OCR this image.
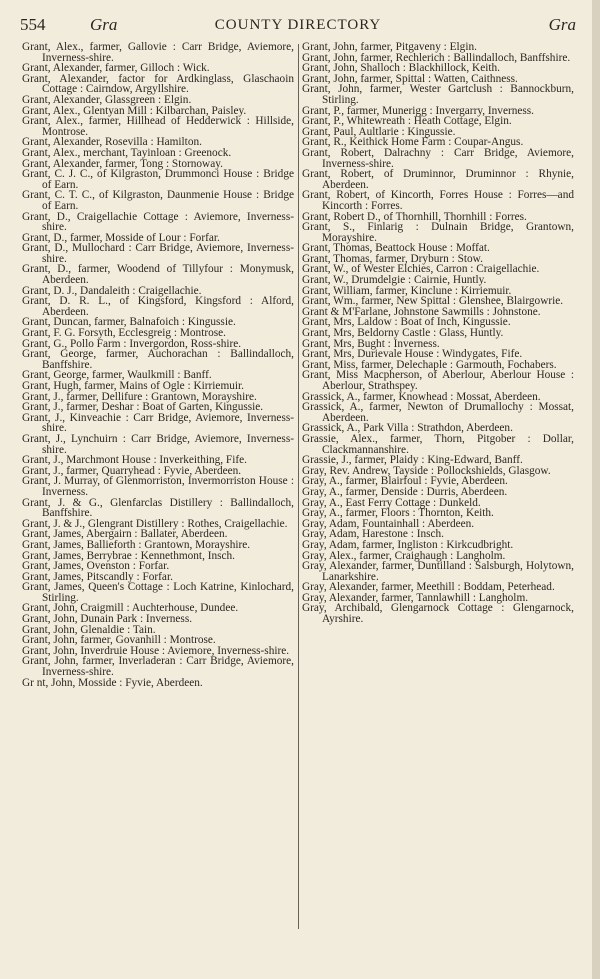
COUNTY DIRECTORY
554	Gra	Gra
Grant, Alex., farmer, Gallovie : Carr Bridge, Aviemore, Inverness-shire.
Grant, Alexander, farmer, Gilloch : Wick.
Grant, Alexander, factor for Ardkinglass, Glaschaoin Cottage : Cairndow, Argyllshire.
Grant, Alexander, Glassgreen : Elgin.
Grant, Alex., Glentyan Mill : Kilbarchan, Paisley.
Grant, Alex., farmer, Hillhead of Hedderwick : Hillside, Montrose.
Grant, Alexander, Rosevilla : Hamilton.
Grant, Alex., merchant, Tayinloan : Greenock.
Grant, Alexander, farmer, Tong : Stornoway.
Grant, C. J. C., of Kilgraston, Drummonci House : Bridge of Earn.
Grant, C. T. C., of Kilgraston, Daunmenie House : Bridge of Earn.
Grant, D., Craigellachie Cottage : Aviemore, Inverness-shire.
Grant, D., farmer, Mosside of Lour : Forfar.
Grant, D., Mullochard : Carr Bridge, Aviemore, Inverness-shire.
Grant, D., farmer, Woodend of Tillyfour : Monymusk, Aberdeen.
Grant, D. J., Dandaleith : Craigellachie.
Grant, D. R. L., of Kingsford, Kingsford : Alford, Aberdeen.
Grant, Duncan, farmer, Balnafoich : Kingussie.
Grant, F. G. Forsyth, Ecclesgreig : Montrose.
Grant, G., Pollo Farm : Invergordon, Ross-shire.
Grant, George, farmer, Auchorachan : Ballindalloch, Banffshire.
Grant, George, farmer, Waulkmill : Banff.
Grant, Hugh, farmer, Mains of Ogle : Kirriemuir.
Grant, J., farmer, Dellifure : Grantown, Morayshire.
Grant, J., farmer, Deshar : Boat of Garten, Kingussie.
Grant, J., Kinveachie : Carr Bridge, Aviemore, Inverness-shire.
Grant, J., Lynchuirn : Carr Bridge, Aviemore, Inverness-shire.
Grant, J., Marchmont House : Inverkeithing, Fife.
Grant, J., farmer, Quarryhead : Fyvie, Aberdeen.
Grant, J. Murray, of Glenmorriston, Invermorriston House : Inverness.
Grant, J. & G., Glenfarclas Distillery : Ballindalloch, Banffshire.
Grant, J. & J., Glengrant Distillery : Rothes, Craigellachie.
Grant, James, Abergairn : Ballater, Aberdeen.
Grant, James, Ballieforth : Grantown, Morayshire.
Grant, James, Berrybrae : Kennethmont, Insch.
Grant, James, Ovenston : Forfar.
Grant, James, Pitscandly : Forfar.
Grant, James, Queen's Cottage : Loch Katrine, Kinlochard, Stirling.
Grant, John, Craigmill : Auchterhouse, Dundee.
Grant, John, Dunain Park : Inverness.
Grant, John, Glenaldie : Tain.
Grant, John, farmer, Govanhill : Montrose.
Grant, John, Inverdruie House : Aviemore, Inverness-shire.
Grant, John, farmer, Inverladeran : Carr Bridge, Aviemore, Inverness-shire.
Gr nt, John, Mosside : Fyvie, Aberdeen.
Grant, John, farmer, Pitgaveny : Elgin.
Grant, John, farmer, Rechlerich : Ballindalloch, Banffshire.
Grant, John, Shalloch : Blackhillock, Keith.
Grant, John, farmer, Spittal : Watten, Caithness.
Grant, John, farmer, Wester Gartclush : Bannockburn, Stirling.
Grant, P., farmer, Munerigg : Invergarry, Inverness.
Grant, P., Whitewreath : Heath Cottage, Elgin.
Grant, Paul, Aultlarie : Kingussie.
Grant, R., Keithick Home Farm : Coupar-Angus.
Grant, Robert, Dalrachny : Carr Bridge, Aviemore, Inverness-shire.
Grant, Robert, of Druminnor, Druminnor : Rhynie, Aberdeen.
Grant, Robert, of Kincorth, Forres House : Forres—and Kincorth : Forres.
Grant, Robert D., of Thornhill, Thornhill : Forres.
Grant, S., Finlarig : Dulnain Bridge, Grantown, Morayshire.
Grant, Thomas, Beattock House : Moffat.
Grant, Thomas, farmer, Dryburn : Stow.
Grant, W., of Wester Elchies, Carron : Craigellachie.
Grant, W., Drumdelgie : Cairnie, Huntly.
Grant, William, farmer, Kinclune : Kirriemuir.
Grant, Wm., farmer, New Spittal : Glenshee, Blairgowrie.
Grant & M'Farlane, Johnstone Sawmills : Johnstone.
Grant, Mrs, Laldow : Boat of Inch, Kingussie.
Grant, Mrs, Beldorny Castle : Glass, Huntly.
Grant, Mrs, Bught : Inverness.
Grant, Mrs, Durievale House : Windygates, Fife.
Grant, Miss, farmer, Delechaple : Garmouth, Fochabers.
Grant, Miss Macpherson, of Aberlour, Aberlour House : Aberlour, Strathspey.
Grassick, A., farmer, Knowhead : Mossat, Aberdeen.
Grassick, A., farmer, Newton of Drumallochy : Mossat, Aberdeen.
Grassick, A., Park Villa : Strathdon, Aberdeen.
Grassie, Alex., farmer, Thorn, Pitgober : Dollar, Clackmannanshire.
Grassie, J., farmer, Plaidy : King-Edward, Banff.
Gray, Rev. Andrew, Tayside : Pollockshields, Glasgow.
Gray, A., farmer, Blairfoul : Fyvie, Aberdeen.
Gray, A., farmer, Denside : Durris, Aberdeen.
Gray, A., East Ferry Cottage : Dunkeld.
Gray, A., farmer, Floors : Thornton, Keith.
Gray, Adam, Fountainhall : Aberdeen.
Gray, Adam, Harestone : Insch.
Gray, Adam, farmer, Ingliston : Kirkcudbright.
Gray, Alex., farmer, Craighaugh : Langholm.
Gray, Alexander, farmer, Duntilland : Salsburgh, Holytown, Lanarkshire.
Gray, Alexander, farmer, Meethill : Boddam, Peterhead.
Gray, Alexander, farmer, Tannlawhill : Langholm.
Gray, Archibald, Glengarnock Cottage : Glengarnock, Ayrshire.
